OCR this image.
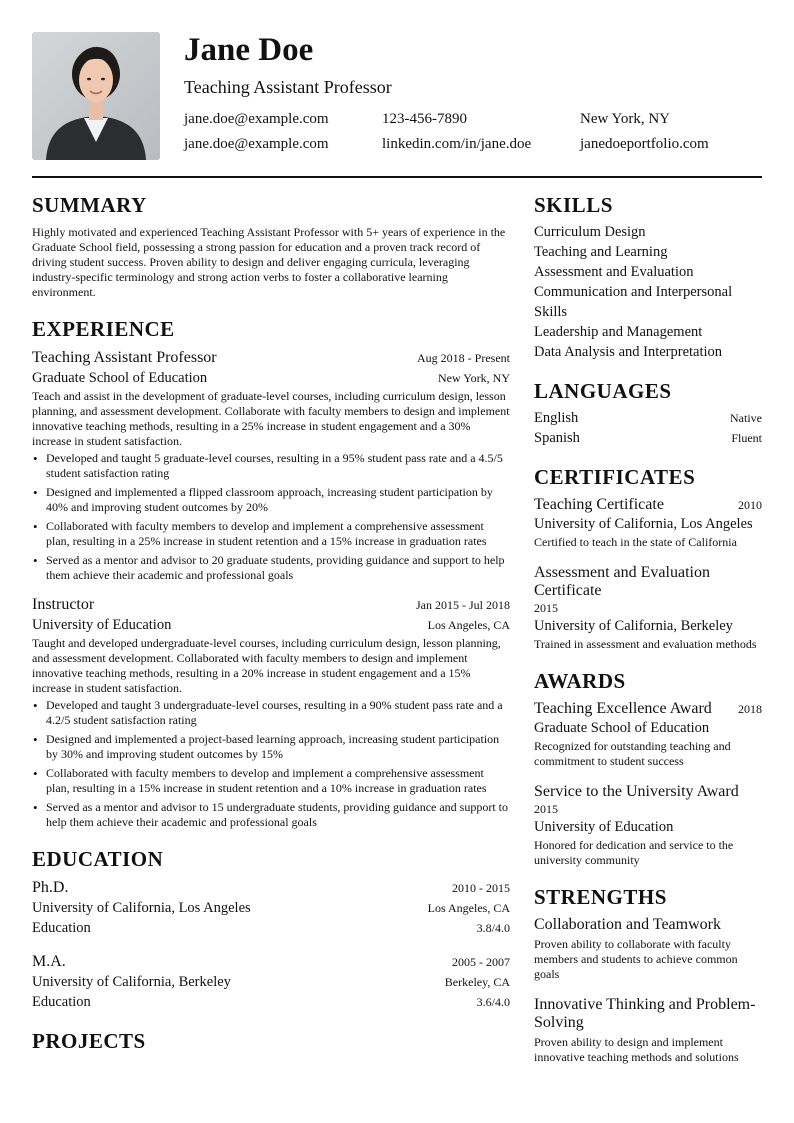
Jane Doe
Teaching Assistant Professor
jane.doe@example.com	123-456-7890	New York, NY
jane.doe@example.com	linkedin.com/in/jane.doe	janedoeportfolio.com
SUMMARY
Highly motivated and experienced Teaching Assistant Professor with 5+ years of experience in the Graduate School field, possessing a strong passion for education and a proven track record of driving student success. Proven ability to design and deliver engaging curricula, leveraging industry-specific terminology and strong action verbs to foster a collaborative learning environment.
EXPERIENCE
Teaching Assistant Professor	Aug 2018 - Present
Graduate School of Education	New York, NY
Teach and assist in the development of graduate-level courses, including curriculum design, lesson planning, and assessment development. Collaborate with faculty members to design and implement innovative teaching methods, resulting in a 25% increase in student engagement and a 30% increase in student satisfaction.
• Developed and taught 5 graduate-level courses, resulting in a 95% student pass rate and a 4.5/5 student satisfaction rating
• Designed and implemented a flipped classroom approach, increasing student participation by 40% and improving student outcomes by 20%
• Collaborated with faculty members to develop and implement a comprehensive assessment plan, resulting in a 25% increase in student retention and a 15% increase in graduation rates
• Served as a mentor and advisor to 20 graduate students, providing guidance and support to help them achieve their academic and professional goals
Instructor	Jan 2015 - Jul 2018
University of Education	Los Angeles, CA
Taught and developed undergraduate-level courses, including curriculum design, lesson planning, and assessment development. Collaborated with faculty members to design and implement innovative teaching methods, resulting in a 20% increase in student engagement and a 15% increase in student satisfaction.
• Developed and taught 3 undergraduate-level courses, resulting in a 90% student pass rate and a 4.2/5 student satisfaction rating
• Designed and implemented a project-based learning approach, increasing student participation by 30% and improving student outcomes by 15%
• Collaborated with faculty members to develop and implement a comprehensive assessment plan, resulting in a 15% increase in student retention and a 10% increase in graduation rates
• Served as a mentor and advisor to 15 undergraduate students, providing guidance and support to help them achieve their academic and professional goals
EDUCATION
Ph.D.	2010 - 2015
University of California, Los Angeles	Los Angeles, CA
Education	3.8/4.0
M.A.	2005 - 2007
University of California, Berkeley	Berkeley, CA
Education	3.6/4.0
PROJECTS
SKILLS
Curriculum Design
Teaching and Learning
Assessment and Evaluation
Communication and Interpersonal Skills
Leadership and Management
Data Analysis and Interpretation
LANGUAGES
English	Native
Spanish	Fluent
CERTIFICATES
Teaching Certificate	2010
University of California, Los Angeles
Certified to teach in the state of California
Assessment and Evaluation Certificate
2015
University of California, Berkeley
Trained in assessment and evaluation methods
AWARDS
Teaching Excellence Award 2018
Graduate School of Education
Recognized for outstanding teaching and commitment to student success
Service to the University Award
2015
University of Education
Honored for dedication and service to the university community
STRENGTHS
Collaboration and Teamwork
Proven ability to collaborate with faculty members and students to achieve common goals
Innovative Thinking and Problem-Solving
Proven ability to design and implement innovative teaching methods and solutions
